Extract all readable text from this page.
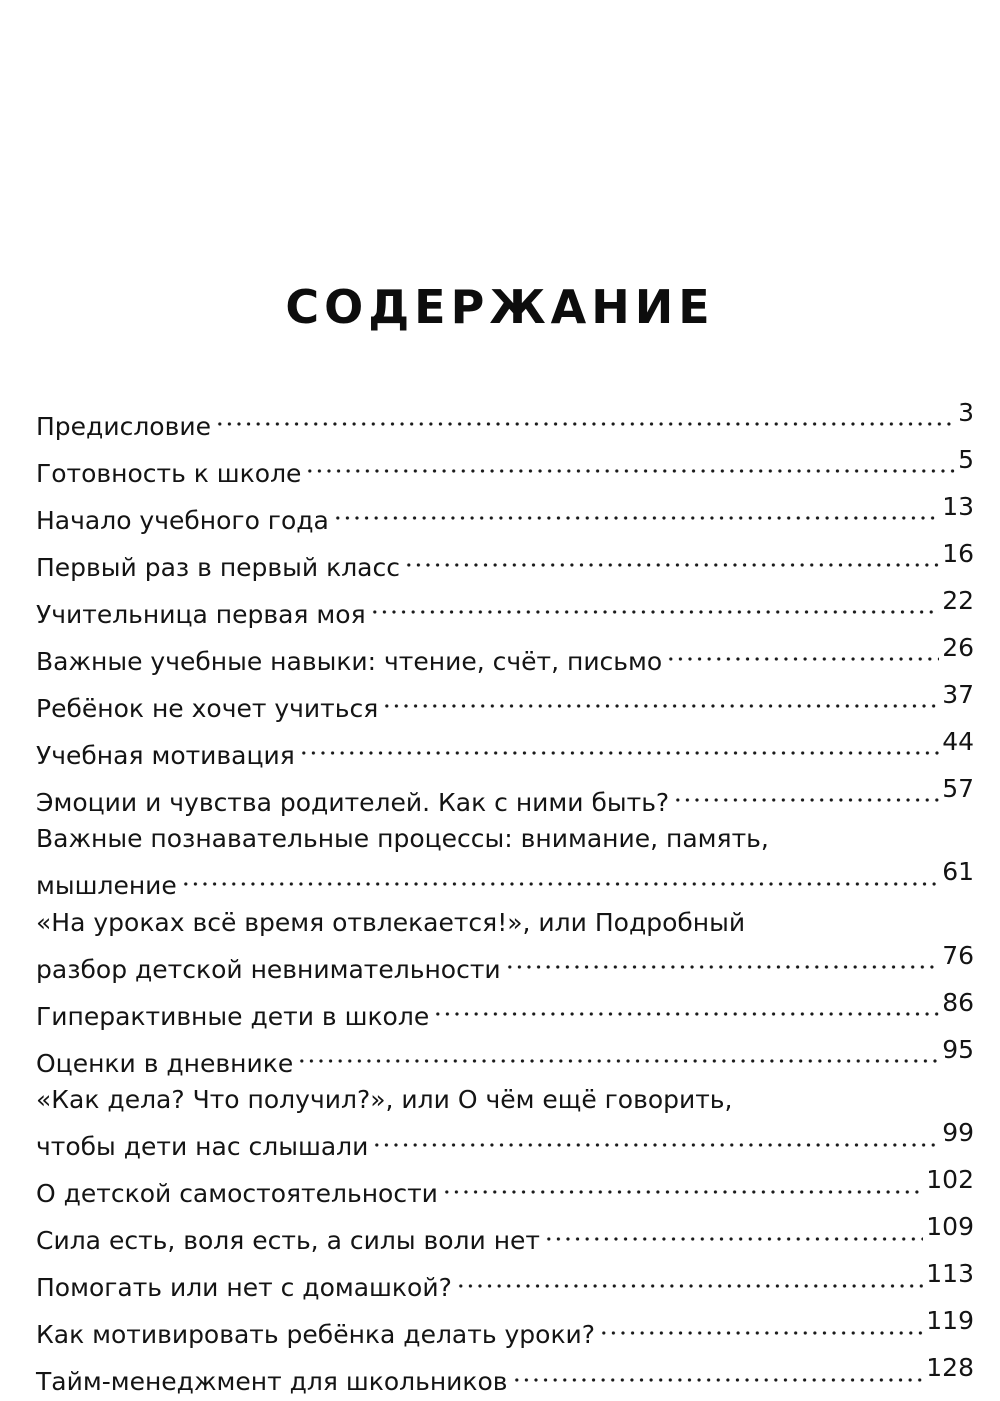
СОДЕРЖАНИЕ
Предисловие	3
Готовность к школе	5
Начало учебного года	13
Первый раз в первый класс	16
Учительница первая моя	22
Важные учебные навыки: чтение, счёт, письмо	26
Ребёнок не хочет учиться	37
Учебная мотивация	44
Эмоции и чувства родителей. Как с ними быть?	57
Важные познавательные процессы: внимание, память,
мышление	61
«На уроках всё время отвлекается!», или Подробный
разбор детской невнимательности	76
Гиперактивные дети в школе	86
Оценки в дневнике	95
«Как дела? Что получил?», или О чём ещё говорить,
чтобы дети нас слышали	99
О детской самостоятельности	102
Сила есть, воля есть, а силы воли нет	109
Помогать или нет с домашкой?	113
Как мотивировать ребёнка делать уроки?	119
Тайм-менеджмент для школьников	128
